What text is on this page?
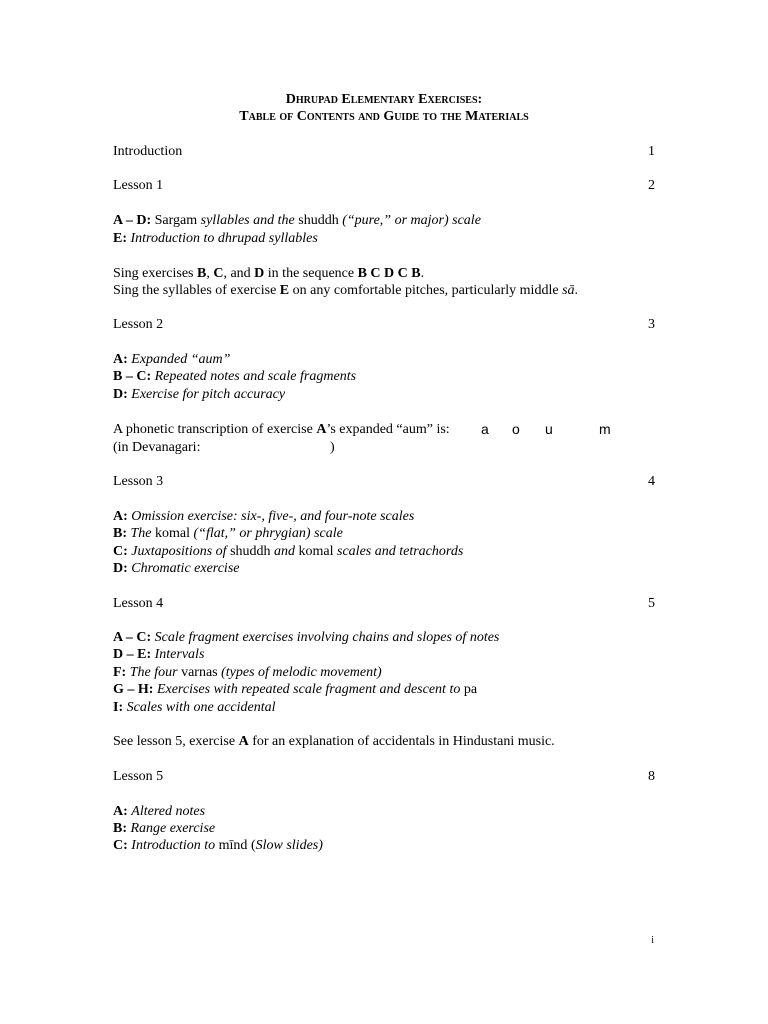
Dhrupad Elementary Exercises:
Table of Contents and Guide to the Materials
Introduction	1
Lesson 1	2
A – D: Sargam syllables and the shuddh (“pure,” or major) scale
E: Introduction to dhrupad syllables
Sing exercises B, C, and D in the sequence B C D C B.
Sing the syllables of exercise E on any comfortable pitches, particularly middle sā.
Lesson 2	3
A: Expanded “aum”
B – C: Repeated notes and scale fragments
D: Exercise for pitch accuracy
A phonetic transcription of exercise A’s expanded “aum” is: a o u	m
(in Devanagari:	)
Lesson 3	4
A: Omission exercise: six-, five-, and four-note scales
B: The komal (“flat,” or phrygian) scale
C: Juxtapositions of shuddh and komal scales and tetrachords
D: Chromatic exercise
Lesson 4	5
A – C: Scale fragment exercises involving chains and slopes of notes
D – E: Intervals
F: The four varnas (types of melodic movement)
G – H: Exercises with repeated scale fragment and descent to pa
I: Scales with one accidental
See lesson 5, exercise A for an explanation of accidentals in Hindustani music.
Lesson 5	8
A: Altered notes
B: Range exercise
C: Introduction to mīnd (Slow slides)
i
